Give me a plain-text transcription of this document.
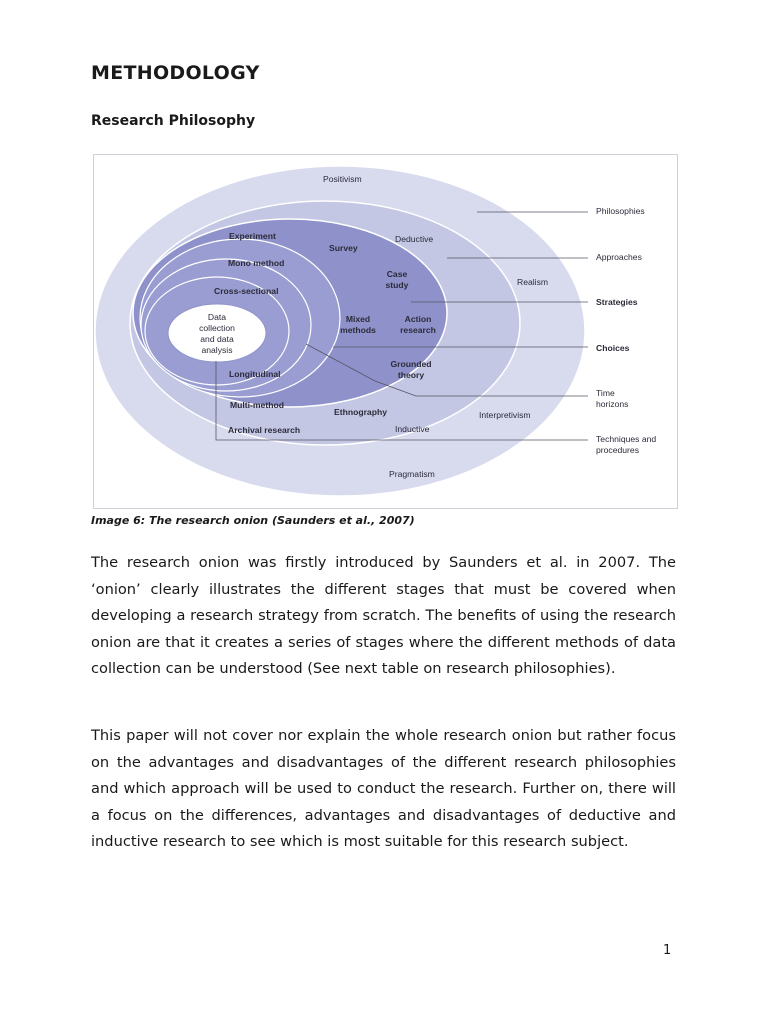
METHODOLOGY
Research Philosophy
Positivism
Deductive
Realism
Interpretivism
Inductive
Pragmatism
Experiment
Survey
Mono method
Case
study
Cross-sectional
Mixed
methods
Action
research
Longitudinal
Grounded
theory
Multi-method
Ethnography
Archival research
Data
collection
and data
analysis
Philosophies
Approaches
Strategies
Choices
Time
horizons
Techniques and
procedures
Image 6: The research onion (Saunders et al., 2007)

The research onion was firstly introduced by Saunders et al. in 2007. The ‘onion’ clearly illustrates the different stages that must be covered when developing a research strategy from scratch. The benefits of using the research onion are that it creates a series of stages where the different methods of data collection can be understood (See next table on research philosophies).

This paper will not cover nor explain the whole research onion but rather focus on the advantages and disadvantages of the different research philosophies and which approach will be used to conduct the research. Further on, there will a focus on the differences, advantages and disadvantages of deductive and inductive research to see which is most suitable for this research subject.

1
